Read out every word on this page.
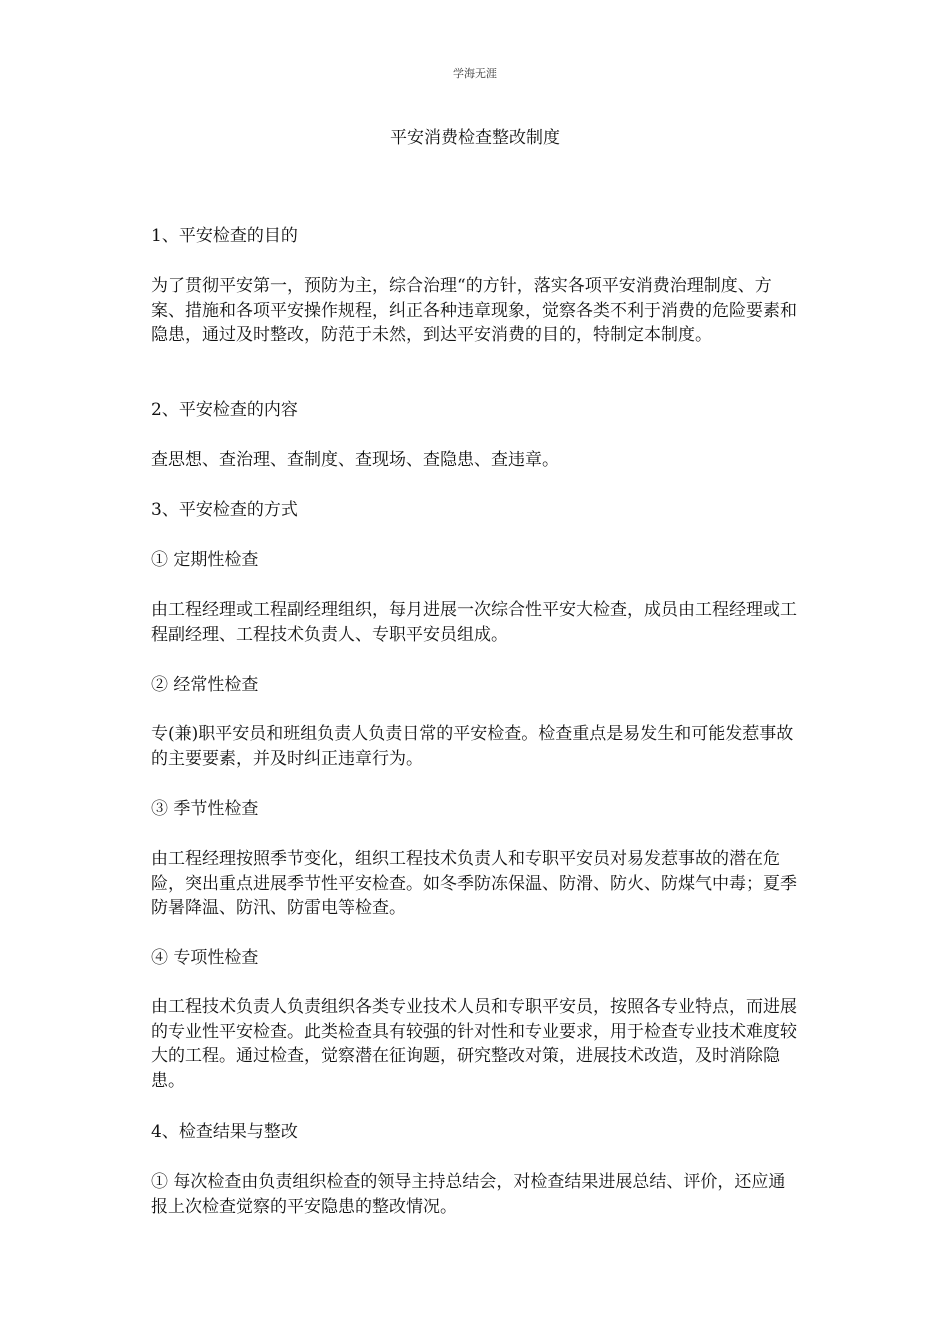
学海无涯
平安消费检查整改制度

1、平安检查的目的

为了贯彻平安第一，预防为主，综合治理“的方针，落实各项平安消费治理制度、方案、措施和各项平安操作规程，纠正各种违章现象，觉察各类不利于消费的危险要素和隐患，通过及时整改，防范于未然，到达平安消费的目的，特制定本制度。

2、平安检查的内容

查思想、查治理、查制度、查现场、查隐患、查违章。

3、平安检查的方式

① 定期性检查

由工程经理或工程副经理组织，每月进展一次综合性平安大检查，成员由工程经理或工程副经理、工程技术负责人、专职平安员组成。

② 经常性检查

专(兼)职平安员和班组负责人负责日常的平安检查。检查重点是易发生和可能发惹事故的主要要素，并及时纠正违章行为。

③ 季节性检查

由工程经理按照季节变化，组织工程技术负责人和专职平安员对易发惹事故的潜在危险，突出重点进展季节性平安检查。如冬季防冻保温、防滑、防火、防煤气中毒；夏季防暑降温、防汛、防雷电等检查。

④ 专项性检查

由工程技术负责人负责组织各类专业技术人员和专职平安员，按照各专业特点，而进展的专业性平安检查。此类检查具有较强的针对性和专业要求，用于检查专业技术难度较大的工程。通过检查，觉察潜在征询题，研究整改对策，进展技术改造，及时消除隐患。

4、检查结果与整改

① 每次检查由负责组织检查的领导主持总结会，对检查结果进展总结、评价，还应通报上次检查觉察的平安隐患的整改情况。
